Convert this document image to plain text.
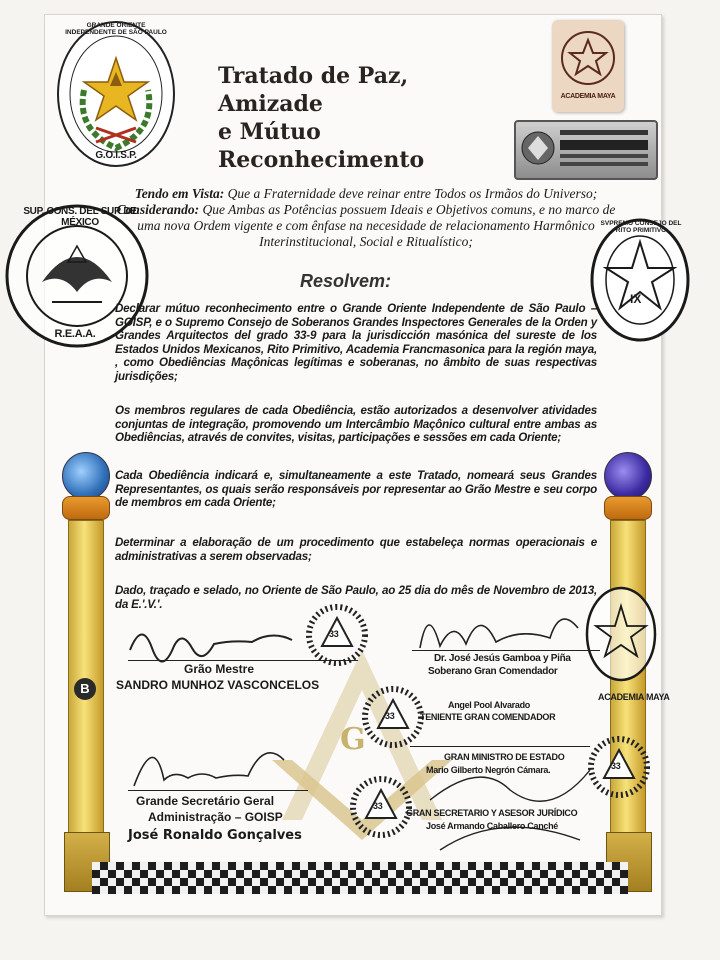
G.O.I.S.P.
GRANDE ORIENTE INDEPENDENTE DE SÃO PAULO
Tratado de Paz, Amizade
e Mútuo Reconhecimento
ACADEMIA MAYA
SUP. CONS. DEL SUR DE MÉXICO
R.E.A.A.
IX
SVPREMO CONSEJO DEL RITO PRIMITIVO
Tendo em Vista: Que a Fraternidade deve reinar entre Todos os Irmãos do Universo;
Considerando: Que Ambas as Potências possuem Ideais e Objetivos comuns, e no marco de
uma nova Ordem vigente e com ênfase na necesidade de relacionamento Harmônico
Interinstitucional, Social e Ritualístico;
Resolvem:
Declarar mútuo reconhecimento entre o Grande Oriente Independente de São Paulo – GOISP, e o Supremo Consejo de Soberanos Grandes Inspectores Generales de la Orden y Grandes Arquitectos del grado 33-9 para la jurisdicción masónica del sureste de los Estados Unidos Mexicanos, Rito Primitivo, Academia Francmasonica para la región maya, , como Obediências Maçônicas legítimas e soberanas, no âmbito de suas respectivas jurisdições;
Os membros regulares de cada Obediência, estão autorizados a desenvolver atividades conjuntas de integração, promovendo um Intercâmbio Maçônico cultural entre ambas as Obediências, através de convites, visitas, participações e sessões em cada Oriente;
Cada Obediência indicará e, simultaneamente a este Tratado, nomeará seus Grandes Representantes, os quais serão responsáveis por representar ao Grão Mestre e seu corpo de membros em cada Oriente;
Determinar a elaboração de um procedimento que estabeleça normas operacionais e administrativas a serem observadas;
Dado, traçado e selado, no Oriente de São Paulo, ao 25 dia do mês de Novembro de 2013, da E.'.V.'.
B
G
33
33
33
33
ACADEMIA MAYA
Grão Mestre
SANDRO MUNHOZ VASCONCELOS
Grande Secretário Geral
Administração – GOISP
José Ronaldo Gonçalves
Dr. José Jesús Gamboa y Piña
Soberano Gran Comendador
Angel Pool Alvarado
TENIENTE GRAN COMENDADOR
GRAN MINISTRO DE ESTADO
Mario Gilberto Negrón Cámara.
GRAN SECRETARIO Y ASESOR JURÍDICO
José Armando Caballero Canché
